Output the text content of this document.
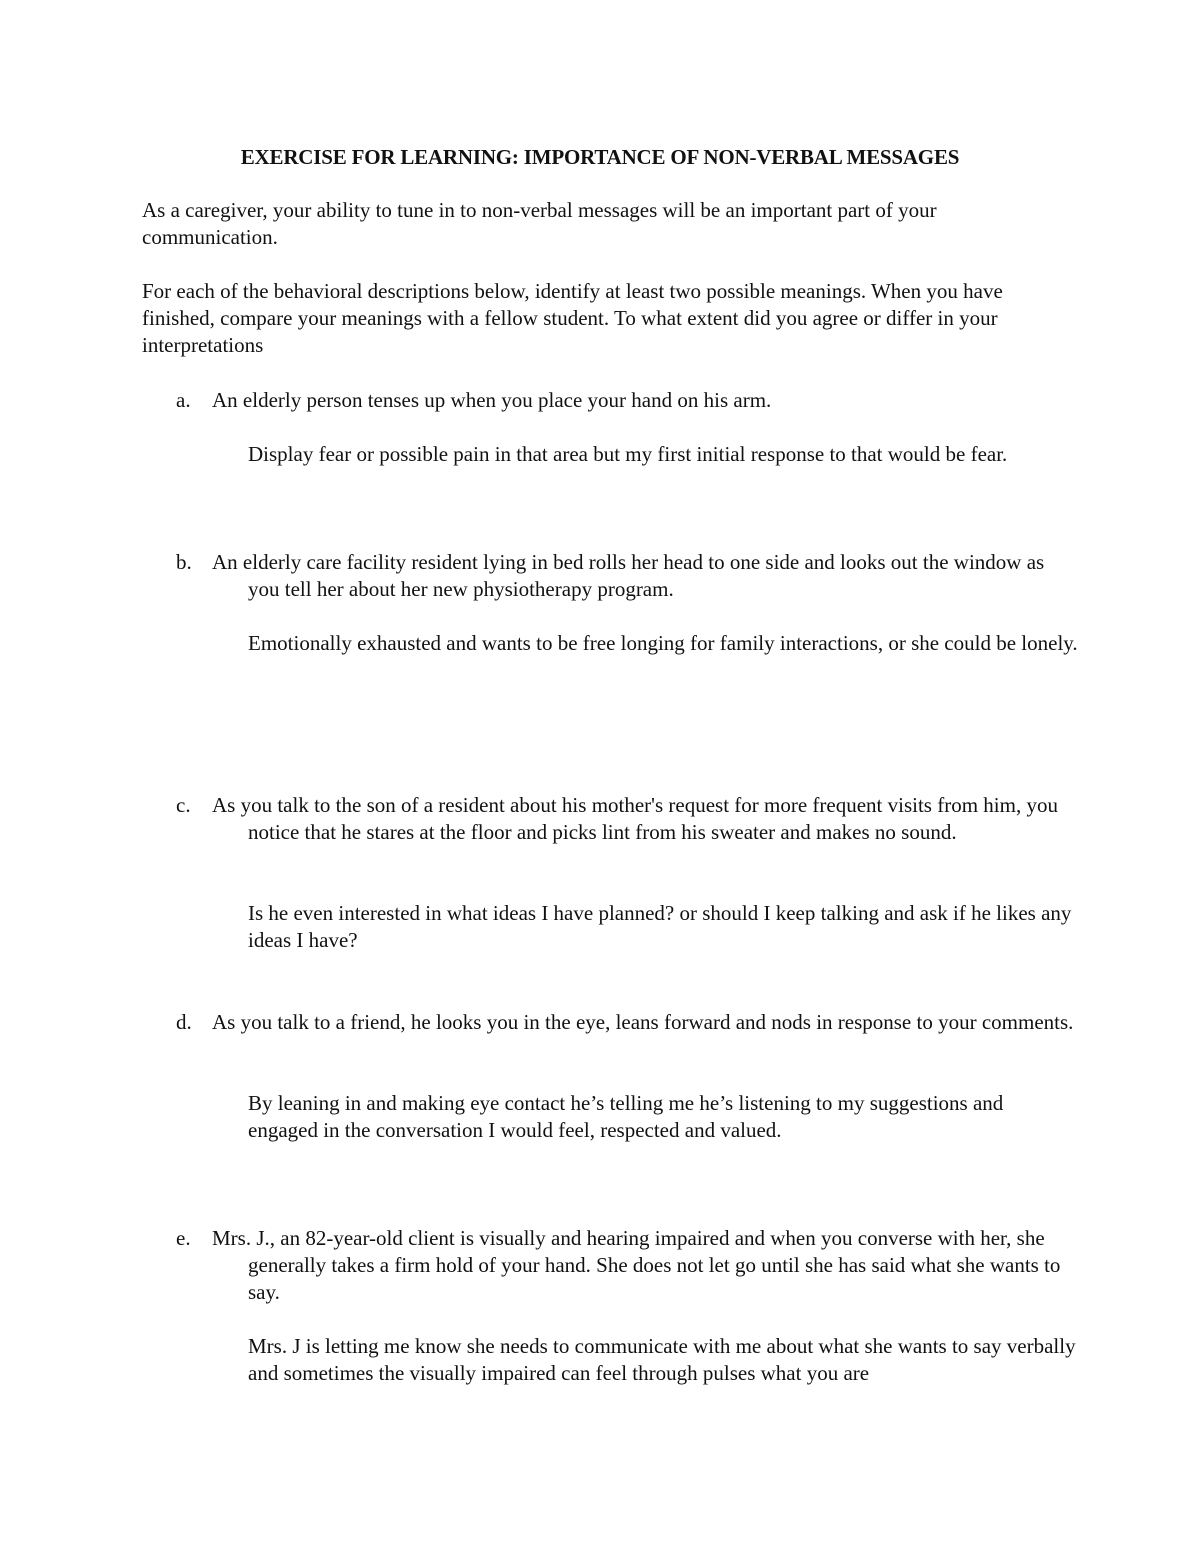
EXERCISE FOR LEARNING: IMPORTANCE OF NON-VERBAL MESSAGES

As a caregiver, your ability to tune in to non-verbal messages will be an important part of your communication.

For each of the behavioral descriptions below, identify at least two possible meanings. When you have finished, compare your meanings with a fellow student. To what extent did you agree or differ in your interpretations

a.	An elderly person tenses up when you place your hand on his arm.

Display fear or possible pain in that area but my first initial response to that would be fear.

b. An elderly care facility resident lying in bed rolls her head to one side and looks out the window as you tell her about her new physiotherapy program.

Emotionally exhausted and wants to be free longing for family interactions, or she could be lonely.

c.	As you talk to the son of a resident about his mother's request for more frequent visits from him, you notice that he stares at the floor and picks lint from his sweater and makes no sound.

Is he even interested in what ideas I have planned? or should I keep talking and ask if he likes any ideas I have?

d. As you talk to a friend, he looks you in the eye, leans forward and nods in response to your comments.

By leaning in and making eye contact he’s telling me he’s listening to my suggestions and engaged in the conversation I would feel, respected and valued.

e.	Mrs. J., an 82-year-old client is visually and hearing impaired and when you converse with her, she generally takes a firm hold of your hand. She does not let go until she has said what she wants to say.

Mrs. J is letting me know she needs to communicate with me about what she wants to say verbally and sometimes the visually impaired can feel through pulses what you are
